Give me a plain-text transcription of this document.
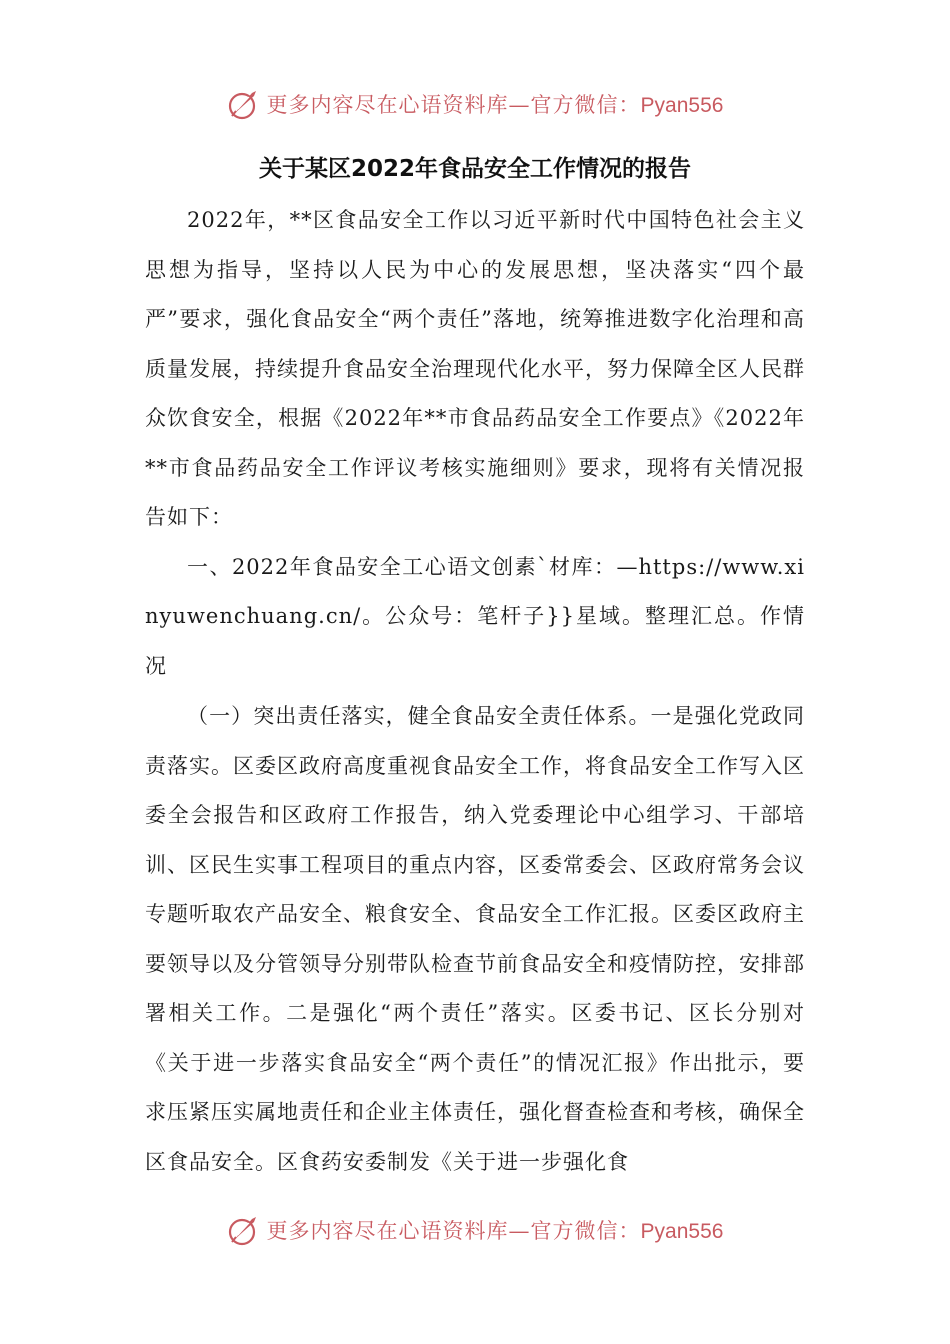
更多内容尽在心语资料库—官方微信：Pyan556
关于某区2022年食品安全工作情况的报告

2022年，**区食品安全工作以习近平新时代中国特色社会主义思想为指导，坚持以人民为中心的发展思想，坚决落实“四个最严”要求，强化食品安全“两个责任”落地，统筹推进数字化治理和高质量发展，持续提升食品安全治理现代化水平，努力保障全区人民群众饮食安全，根据《2022年**市食品药品安全工作要点》《2022年**市食品药品安全工作评议考核实施细则》要求，现将有关情况报告如下：

一、2022年食品安全工心语文创素`材库：—https://www.xinyuwenchuang.cn/。公众号：笔杆子}}星域。整理汇总。作情况

（一）突出责任落实，健全食品安全责任体系。一是强化党政同责落实。区委区政府高度重视食品安全工作，将食品安全工作写入区委全会报告和区政府工作报告，纳入党委理论中心组学习、干部培训、区民生实事工程项目的重点内容，区委常委会、区政府常务会议专题听取农产品安全、粮食安全、食品安全工作汇报。区委区政府主要领导以及分管领导分别带队检查节前食品安全和疫情防控，安排部署相关工作。二是强化“两个责任”落实。区委书记、区长分别对《关于进一步落实食品安全“两个责任”的情况汇报》作出批示，要求压紧压实属地责任和企业主体责任，强化督查检查和考核，确保全区食品安全。区食药安委制发《关于进一步强化食

更多内容尽在心语资料库—官方微信：Pyan556
